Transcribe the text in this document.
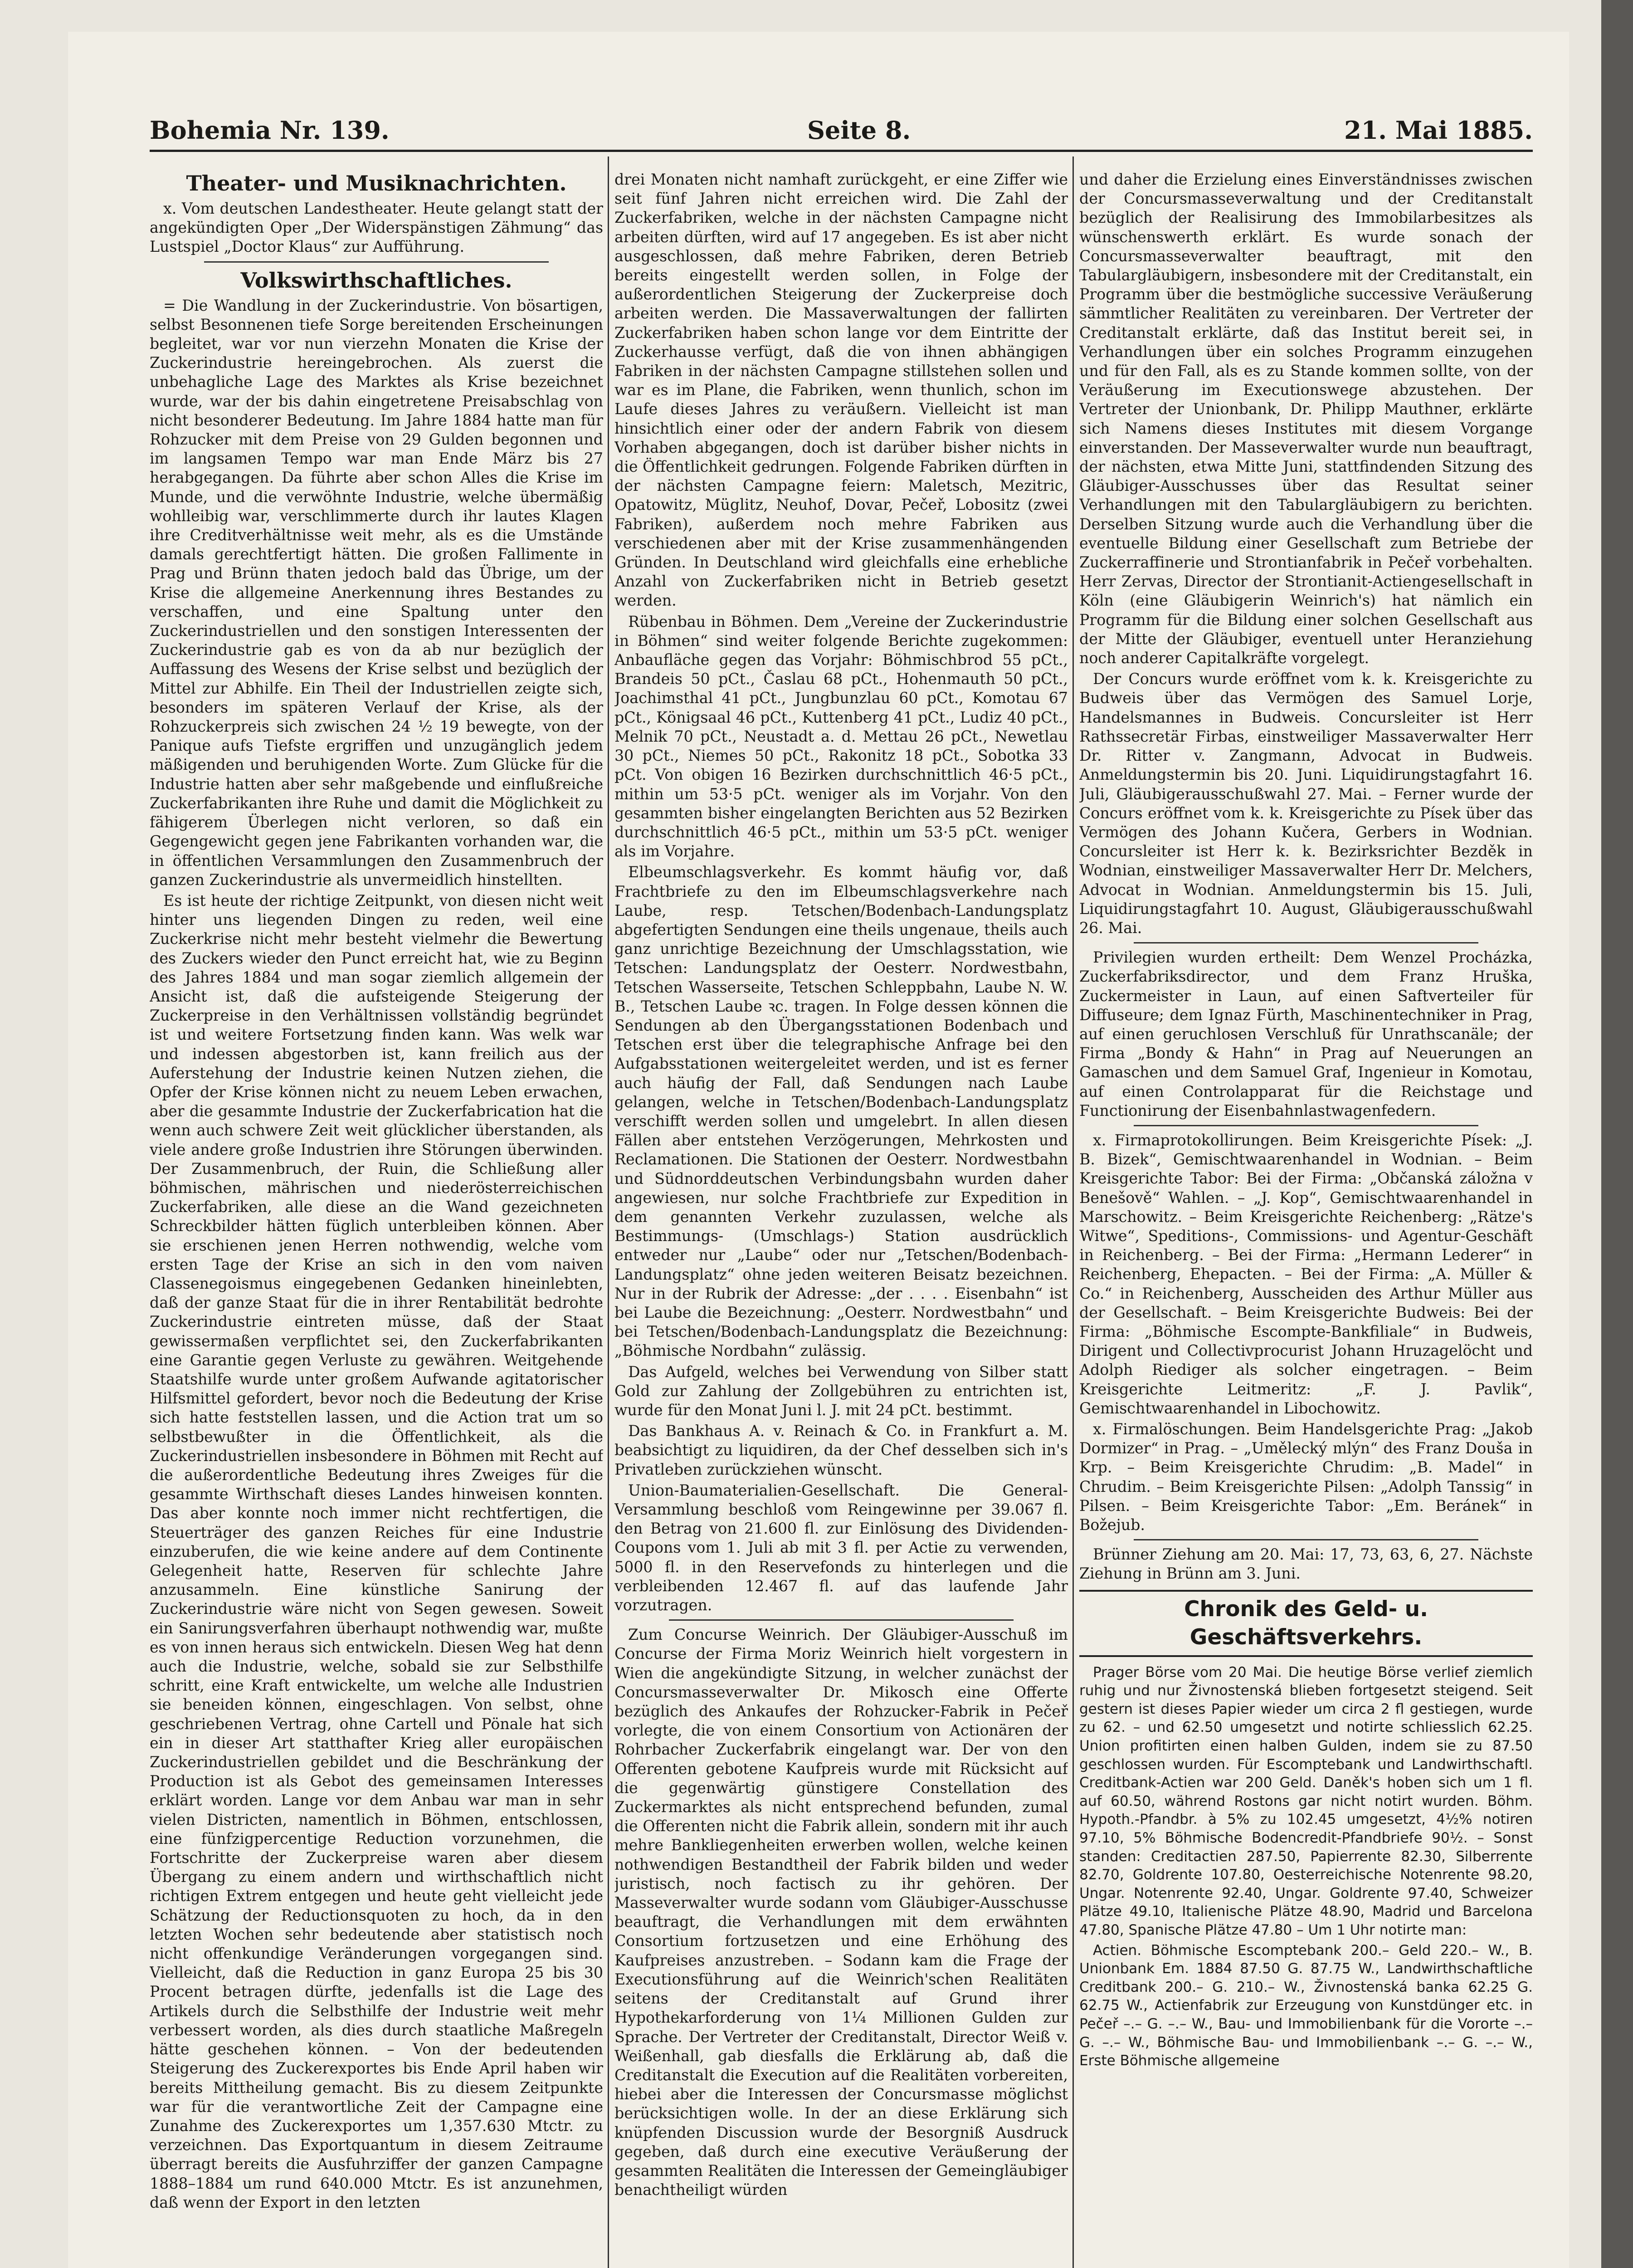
Bohemia Nr. 139.	Seite 8.	21. Mai 1885.
Theater- und Musiknachrichten.

x. Vom deutschen Landestheater. Heute gelangt statt der angekündigten Oper „Der Widerspänstigen Zähmung“ das Lustspiel „Doctor Klaus“ zur Aufführung.

Volkswirthschaftliches.

= Die Wandlung in der Zuckerindustrie. Von bösartigen, selbst Besonnenen tiefe Sorge bereitenden Erscheinungen begleitet, war vor nun vierzehn Monaten die Krise der Zuckerindustrie hereingebrochen. Als zuerst die unbehagliche Lage des Marktes als Krise bezeichnet wurde, war der bis dahin eingetretene Preisabschlag von nicht besonderer Bedeutung. Im Jahre 1884 hatte man für Rohzucker mit dem Preise von 29 Gulden begonnen und im langsamen Tempo war man Ende März bis 27 herabgegangen. Da führte aber schon Alles die Krise im Munde, und die verwöhnte Industrie, welche übermäßig wohlleibig war, verschlimmerte durch ihr lautes Klagen ihre Creditverhältnisse weit mehr, als es die Umstände damals gerechtfertigt hätten. Die großen Fallimente in Prag und Brünn thaten jedoch bald das Übrige, um der Krise die allgemeine Anerkennung ihres Bestandes zu verschaffen, und eine Spaltung unter den Zuckerindustriellen und den sonstigen Interessenten der Zuckerindustrie gab es von da ab nur bezüglich der Auffassung des Wesens der Krise selbst und bezüglich der Mittel zur Abhilfe. Ein Theil der Industriellen zeigte sich, besonders im späteren Verlauf der Krise, als der Rohzuckerpreis sich zwischen 24 ½ 19 bewegte, von der Panique aufs Tiefste ergriffen und unzugänglich jedem mäßigenden und beruhigenden Worte. Zum Glücke für die Industrie hatten aber sehr maßgebende und einflußreiche Zuckerfabrikanten ihre Ruhe und damit die Möglichkeit zu fähigerem Überlegen nicht verloren, so daß ein Gegengewicht gegen jene Fabrikanten vorhanden war, die in öffentlichen Versammlungen den Zusammenbruch der ganzen Zuckerindustrie als unvermeidlich hinstellten.

Es ist heute der richtige Zeitpunkt, von diesen nicht weit hinter uns liegenden Dingen zu reden, weil eine Zuckerkrise nicht mehr besteht vielmehr die Bewertung des Zuckers wieder den Punct erreicht hat, wie zu Beginn des Jahres 1884 und man sogar ziemlich allgemein der Ansicht ist, daß die aufsteigende Steigerung der Zuckerpreise in den Verhältnissen vollständig begründet ist und weitere Fortsetzung finden kann. Was welk war und indessen abgestorben ist, kann freilich aus der Auferstehung der Industrie keinen Nutzen ziehen, die Opfer der Krise können nicht zu neuem Leben erwachen, aber die gesammte Industrie der Zuckerfabrication hat die wenn auch schwere Zeit weit glücklicher überstanden, als viele andere große Industrien ihre Störungen überwinden. Der Zusammenbruch, der Ruin, die Schließung aller böhmischen, mährischen und niederösterreichischen Zuckerfabriken, alle diese an die Wand gezeichneten Schreckbilder hätten füglich unterbleiben können. Aber sie erschienen jenen Herren nothwendig, welche vom ersten Tage der Krise an sich in den vom naiven Classenegoismus eingegebenen Gedanken hineinlebten, daß der ganze Staat für die in ihrer Rentabilität bedrohte Zuckerindustrie eintreten müsse, daß der Staat gewissermaßen verpflichtet sei, den Zuckerfabrikanten eine Garantie gegen Verluste zu gewähren. Weitgehende Staatshilfe wurde unter großem Aufwande agitatorischer Hilfsmittel gefordert, bevor noch die Bedeutung der Krise sich hatte feststellen lassen, und die Action trat um so selbstbewußter in die Öffentlichkeit, als die Zuckerindustriellen insbesondere in Böhmen mit Recht auf die außerordentliche Bedeutung ihres Zweiges für die gesammte Wirthschaft dieses Landes hinweisen konnten. Das aber konnte noch immer nicht rechtfertigen, die Steuerträger des ganzen Reiches für eine Industrie einzuberufen, die wie keine andere auf dem Continente Gelegenheit hatte, Reserven für schlechte Jahre anzusammeln. Eine künstliche Sanirung der Zuckerindustrie wäre nicht von Segen gewesen. Soweit ein Sanirungsverfahren überhaupt nothwendig war, mußte es von innen heraus sich entwickeln. Diesen Weg hat denn auch die Industrie, welche, sobald sie zur Selbsthilfe schritt, eine Kraft entwickelte, um welche alle Industrien sie beneiden können, eingeschlagen. Von selbst, ohne geschriebenen Vertrag, ohne Cartell und Pönale hat sich ein in dieser Art statthafter Krieg aller europäischen Zuckerindustriellen gebildet und die Beschränkung der Production ist als Gebot des gemeinsamen Interesses erklärt worden. Lange vor dem Anbau war man in sehr vielen Districten, namentlich in Böhmen, entschlossen, eine fünfzigpercentige Reduction vorzunehmen, die Fortschritte der Zuckerpreise waren aber diesem Übergang zu einem andern und wirthschaftlich nicht richtigen Extrem entgegen und heute geht vielleicht jede Schätzung der Reductionsquoten zu hoch, da in den letzten Wochen sehr bedeutende aber statistisch noch nicht offenkundige Veränderungen vorgegangen sind. Vielleicht, daß die Reduction in ganz Europa 25 bis 30 Procent betragen dürfte, jedenfalls ist die Lage des Artikels durch die Selbsthilfe der Industrie weit mehr verbessert worden, als dies durch staatliche Maßregeln hätte geschehen können. – Von der bedeutenden Steigerung des Zuckerexportes bis Ende April haben wir bereits Mittheilung gemacht. Bis zu diesem Zeitpunkte war für die verantwortliche Zeit der Campagne eine Zunahme des Zuckerexportes um 1,357.630 Mtctr. zu verzeichnen. Das Exportquantum in diesem Zeitraume überragt bereits die Ausfuhrziffer der ganzen Campagne 1888–1884 um rund 640.000 Mtctr. Es ist anzunehmen, daß wenn der Export in den letzten

drei Monaten nicht namhaft zurückgeht, er eine Ziffer wie seit fünf Jahren nicht erreichen wird. Die Zahl der Zuckerfabriken, welche in der nächsten Campagne nicht arbeiten dürften, wird auf 17 angegeben. Es ist aber nicht ausgeschlossen, daß mehre Fabriken, deren Betrieb bereits eingestellt werden sollen, in Folge der außerordentlichen Steigerung der Zuckerpreise doch arbeiten werden. Die Massaverwaltungen der fallirten Zuckerfabriken haben schon lange vor dem Eintritte der Zuckerhausse verfügt, daß die von ihnen abhängigen Fabriken in der nächsten Campagne stillstehen sollen und war es im Plane, die Fabriken, wenn thunlich, schon im Laufe dieses Jahres zu veräußern. Vielleicht ist man hinsichtlich einer oder der andern Fabrik von diesem Vorhaben abgegangen, doch ist darüber bisher nichts in die Öffentlichkeit gedrungen. Folgende Fabriken dürften in der nächsten Campagne feiern: Maletsch, Mezitric, Opatowitz, Müglitz, Neuhof, Dovar, Pečeř, Lobositz (zwei Fabriken), außerdem noch mehre Fabriken aus verschiedenen aber mit der Krise zusammenhängenden Gründen. In Deutschland wird gleichfalls eine erhebliche Anzahl von Zuckerfabriken nicht in Betrieb gesetzt werden.

Rübenbau in Böhmen. Dem „Vereine der Zuckerindustrie in Böhmen“ sind weiter folgende Berichte zugekommen: Anbaufläche gegen das Vorjahr: Böhmischbrod 55 pCt., Brandeis 50 pCt., Časlau 68 pCt., Hohenmauth 50 pCt., Joachimsthal 41 pCt., Jungbunzlau 60 pCt., Komotau 67 pCt., Königsaal 46 pCt., Kuttenberg 41 pCt., Ludiz 40 pCt., Melnik 70 pCt., Neustadt a. d. Mettau 26 pCt., Newetlau 30 pCt., Niemes 50 pCt., Rakonitz 18 pCt., Sobotka 33 pCt. Von obigen 16 Bezirken durchschnittlich 46·5 pCt., mithin um 53·5 pCt. weniger als im Vorjahr. Von den gesammten bisher eingelangten Berichten aus 52 Bezirken durchschnittlich 46·5 pCt., mithin um 53·5 pCt. weniger als im Vorjahre.

Elbeumschlagsverkehr. Es kommt häufig vor, daß Frachtbriefe zu den im Elbeumschlagsverkehre nach Laube, resp. Tetschen/Bodenbach-Landungsplatz abgefertigten Sendungen eine theils ungenaue, theils auch ganz unrichtige Bezeichnung der Umschlagsstation, wie Tetschen: Landungsplatz der Oesterr. Nordwestbahn, Tetschen Wasserseite, Tetschen Schleppbahn, Laube N. W. B., Tetschen Laube ꝛc. tragen. In Folge dessen können die Sendungen ab den Übergangsstationen Bodenbach und Tetschen erst über die telegraphische Anfrage bei den Aufgabsstationen weitergeleitet werden, und ist es ferner auch häufig der Fall, daß Sendungen nach Laube gelangen, welche in Tetschen/Bodenbach-Landungsplatz verschifft werden sollen und umgelebrt. In allen diesen Fällen aber entstehen Verzögerungen, Mehrkosten und Reclamationen. Die Stationen der Oesterr. Nordwestbahn und Südnorddeutschen Verbindungsbahn wurden daher angewiesen, nur solche Frachtbriefe zur Expedition in dem genannten Verkehr zuzulassen, welche als Bestimmungs- (Umschlags-) Station ausdrücklich entweder nur „Laube“ oder nur „Tetschen/Bodenbach-Landungsplatz“ ohne jeden weiteren Beisatz bezeichnen. Nur in der Rubrik der Adresse: „der . . . . Eisenbahn“ ist bei Laube die Bezeichnung: „Oesterr. Nordwestbahn“ und bei Tetschen/Bodenbach-Landungsplatz die Bezeichnung: „Böhmische Nordbahn“ zulässig.

Das Aufgeld, welches bei Verwendung von Silber statt Gold zur Zahlung der Zollgebühren zu entrichten ist, wurde für den Monat Juni l. J. mit 24 pCt. bestimmt.

Das Bankhaus A. v. Reinach & Co. in Frankfurt a. M. beabsichtigt zu liquidiren, da der Chef desselben sich in's Privatleben zurückziehen wünscht.

Union-Baumaterialien-Gesellschaft. Die General-Versammlung beschloß vom Reingewinne per 39.067 fl. den Betrag von 21.600 fl. zur Einlösung des Dividenden-Coupons vom 1. Juli ab mit 3 fl. per Actie zu verwenden, 5000 fl. in den Reservefonds zu hinterlegen und die verbleibenden 12.467 fl. auf das laufende Jahr vorzutragen.

Zum Concurse Weinrich. Der Gläubiger-Ausschuß im Concurse der Firma Moriz Weinrich hielt vorgestern in Wien die angekündigte Sitzung, in welcher zunächst der Concursmasseverwalter Dr. Mikosch eine Offerte bezüglich des Ankaufes der Rohzucker-Fabrik in Pečeř vorlegte, die von einem Consortium von Actionären der Rohrbacher Zuckerfabrik eingelangt war. Der von den Offerenten gebotene Kaufpreis wurde mit Rücksicht auf die gegenwärtig günstigere Constellation des Zuckermarktes als nicht entsprechend befunden, zumal die Offerenten nicht die Fabrik allein, sondern mit ihr auch mehre Bankliegenheiten erwerben wollen, welche keinen nothwendigen Bestandtheil der Fabrik bilden und weder juristisch, noch factisch zu ihr gehören. Der Masseverwalter wurde sodann vom Gläubiger-Ausschusse beauftragt, die Verhandlungen mit dem erwähnten Consortium fortzusetzen und eine Erhöhung des Kaufpreises anzustreben. – Sodann kam die Frage der Executionsführung auf die Weinrich'schen Realitäten seitens der Creditanstalt auf Grund ihrer Hypothekarforderung von 1¼ Millionen Gulden zur Sprache. Der Vertreter der Creditanstalt, Director Weiß v. Weißenhall, gab diesfalls die Erklärung ab, daß die Creditanstalt die Execution auf die Realitäten vorbereiten, hiebei aber die Interessen der Concursmasse möglichst berücksichtigen wolle. In der an diese Erklärung sich knüpfenden Discussion wurde der Besorgniß Ausdruck gegeben, daß durch eine executive Veräußerung der gesammten Realitäten die Interessen der Gemeingläubiger benachtheiligt würden

und daher die Erzielung eines Einverständnisses zwischen der Concursmasseverwaltung und der Creditanstalt bezüglich der Realisirung des Immobilarbesitzes als wünschenswerth erklärt. Es wurde sonach der Concursmasseverwalter beauftragt, mit den Tabulargläubigern, insbesondere mit der Creditanstalt, ein Programm über die bestmögliche successive Veräußerung sämmtlicher Realitäten zu vereinbaren. Der Vertreter der Creditanstalt erklärte, daß das Institut bereit sei, in Verhandlungen über ein solches Programm einzugehen und für den Fall, als es zu Stande kommen sollte, von der Veräußerung im Executionswege abzustehen. Der Vertreter der Unionbank, Dr. Philipp Mauthner, erklärte sich Namens dieses Institutes mit diesem Vorgange einverstanden. Der Masseverwalter wurde nun beauftragt, der nächsten, etwa Mitte Juni, stattfindenden Sitzung des Gläubiger-Ausschusses über das Resultat seiner Verhandlungen mit den Tabulargläubigern zu berichten. Derselben Sitzung wurde auch die Verhandlung über die eventuelle Bildung einer Gesellschaft zum Betriebe der Zuckerraffinerie und Strontianfabrik in Pečeř vorbehalten. Herr Zervas, Director der Strontianit-Actiengesellschaft in Köln (eine Gläubigerin Weinrich's) hat nämlich ein Programm für die Bildung einer solchen Gesellschaft aus der Mitte der Gläubiger, eventuell unter Heranziehung noch anderer Capitalkräfte vorgelegt.

Der Concurs wurde eröffnet vom k. k. Kreisgerichte zu Budweis über das Vermögen des Samuel Lorje, Handelsmannes in Budweis. Concursleiter ist Herr Rathssecretär Firbas, einstweiliger Massaverwalter Herr Dr. Ritter v. Zangmann, Advocat in Budweis. Anmeldungstermin bis 20. Juni. Liquidirungstagfahrt 16. Juli, Gläubigerausschußwahl 27. Mai. – Ferner wurde der Concurs eröffnet vom k. k. Kreisgerichte zu Písek über das Vermögen des Johann Kučera, Gerbers in Wodnian. Concursleiter ist Herr k. k. Bezirksrichter Bezděk in Wodnian, einstweiliger Massaverwalter Herr Dr. Melchers, Advocat in Wodnian. Anmeldungstermin bis 15. Juli, Liquidirungstagfahrt 10. August, Gläubigerausschußwahl 26. Mai.

Privilegien wurden ertheilt: Dem Wenzel Procházka, Zuckerfabriksdirector, und dem Franz Hruška, Zuckermeister in Laun, auf einen Saftverteiler für Diffuseure; dem Ignaz Fürth, Maschinentechniker in Prag, auf einen geruchlosen Verschluß für Unrathscanäle; der Firma „Bondy & Hahn“ in Prag auf Neuerungen an Gamaschen und dem Samuel Graf, Ingenieur in Komotau, auf einen Controlapparat für die Reichstage und Functionirung der Eisenbahnlastwagenfedern.

x. Firmaprotokollirungen. Beim Kreisgerichte Písek: „J. B. Bizek“, Gemischtwaarenhandel in Wodnian. – Beim Kreisgerichte Tabor: Bei der Firma: „Občanská záložna v Benešově“ Wahlen. – „J. Kop“, Gemischtwaarenhandel in Marschowitz. – Beim Kreisgerichte Reichenberg: „Rätze's Witwe“, Speditions-, Commissions- und Agentur-Geschäft in Reichenberg. – Bei der Firma: „Hermann Lederer“ in Reichenberg, Ehepacten. – Bei der Firma: „A. Müller & Co.“ in Reichenberg, Ausscheiden des Arthur Müller aus der Gesellschaft. – Beim Kreisgerichte Budweis: Bei der Firma: „Böhmische Escompte-Bankfiliale“ in Budweis, Dirigent und Collectivprocurist Johann Hruzagelöcht und Adolph Riediger als solcher eingetragen. – Beim Kreisgerichte Leitmeritz: „F. J. Pavlik“, Gemischtwaarenhandel in Libochowitz.

x. Firmalöschungen. Beim Handelsgerichte Prag: „Jakob Dormizer“ in Prag. – „Umělecký mlýn“ des Franz Douša in Krp. – Beim Kreisgerichte Chrudim: „B. Madel“ in Chrudim. – Beim Kreisgerichte Pilsen: „Adolph Tanssig“ in Pilsen. – Beim Kreisgerichte Tabor: „Em. Beránek“ in Božejub.

Brünner Ziehung am 20. Mai: 17, 73, 63, 6, 27. Nächste Ziehung in Brünn am 3. Juni.

Chronik des Geld- u. Geschäftsverkehrs.

Prager Börse vom 20 Mai. Die heutige Börse verlief ziemlich ruhig und nur Živnostenská blieben fortgesetzt steigend. Seit gestern ist dieses Papier wieder um circa 2 fl gestiegen, wurde zu 62. – und 62.50 umgesetzt und notirte schliesslich 62.25. Union profitirten einen halben Gulden, indem sie zu 87.50 geschlossen wurden. Für Escomptebank und Landwirthschaftl. Creditbank-Actien war 200 Geld. Daněk's hoben sich um 1 fl. auf 60.50, während Rostons gar nicht notirt wurden. Böhm. Hypoth.-Pfandbr. à 5% zu 102.45 umgesetzt, 4½% notiren 97.10, 5% Böhmische Bodencredit-Pfandbriefe 90½. – Sonst standen: Creditactien 287.50, Papierrente 82.30, Silberrente 82.70, Goldrente 107.80, Oesterreichische Notenrente 98.20, Ungar. Notenrente 92.40, Ungar. Goldrente 97.40, Schweizer Plätze 49.10, Italienische Plätze 48.90, Madrid und Barcelona 47.80, Spanische Plätze 47.80 – Um 1 Uhr notirte man:

Actien. Böhmische Escomptebank 200.– Geld 220.– W., B. Unionbank Em. 1884 87.50 G. 87.75 W., Landwirthschaftliche Creditbank 200.– G. 210.– W., Živnostenská banka 62.25 G. 62.75 W., Actienfabrik zur Erzeugung von Kunstdünger etc. in Pečeř –.– G. –.– W., Bau- und Immobilienbank für die Vororte –.– G. –.– W., Böhmische Bau- und Immobilienbank –.– G. –.– W., Erste Böhmische allgemeine
